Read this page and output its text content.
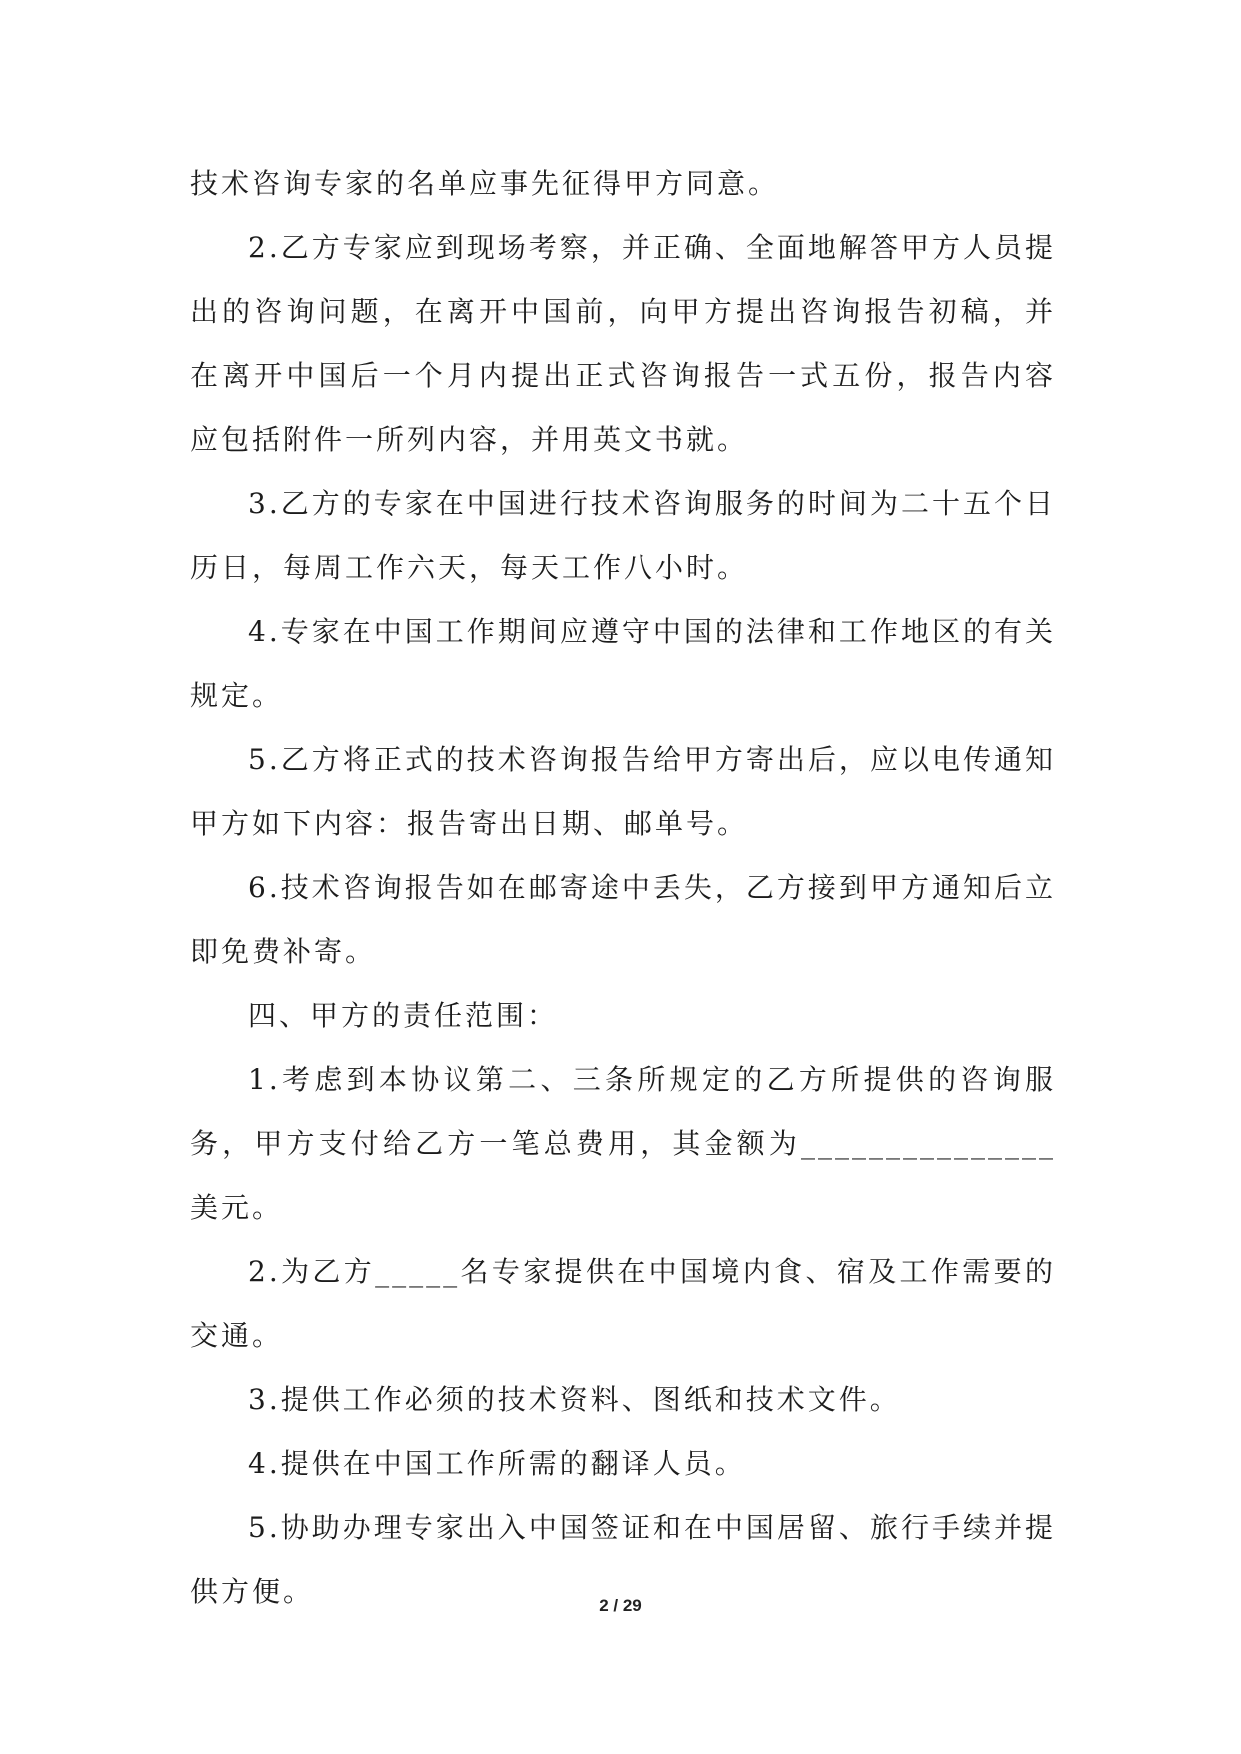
技术咨询专家的名单应事先征得甲方同意。

2.乙方专家应到现场考察，并正确、全面地解答甲方人员提出的咨询问题，在离开中国前，向甲方提出咨询报告初稿，并在离开中国后一个月内提出正式咨询报告一式五份，报告内容应包括附件一所列内容，并用英文书就。

3.乙方的专家在中国进行技术咨询服务的时间为二十五个日历日，每周工作六天，每天工作八小时。

4.专家在中国工作期间应遵守中国的法律和工作地区的有关规定。

5.乙方将正式的技术咨询报告给甲方寄出后，应以电传通知甲方如下内容：报告寄出日期、邮单号。

6.技术咨询报告如在邮寄途中丢失，乙方接到甲方通知后立即免费补寄。

四、甲方的责任范围：

1.考虑到本协议第二、三条所规定的乙方所提供的咨询服务，甲方支付给乙方一笔总费用，其金额为_______________美元。

2.为乙方_____名专家提供在中国境内食、宿及工作需要的交通。

3.提供工作必须的技术资料、图纸和技术文件。

4.提供在中国工作所需的翻译人员。

5.协助办理专家出入中国签证和在中国居留、旅行手续并提供方便。	2 / 29
